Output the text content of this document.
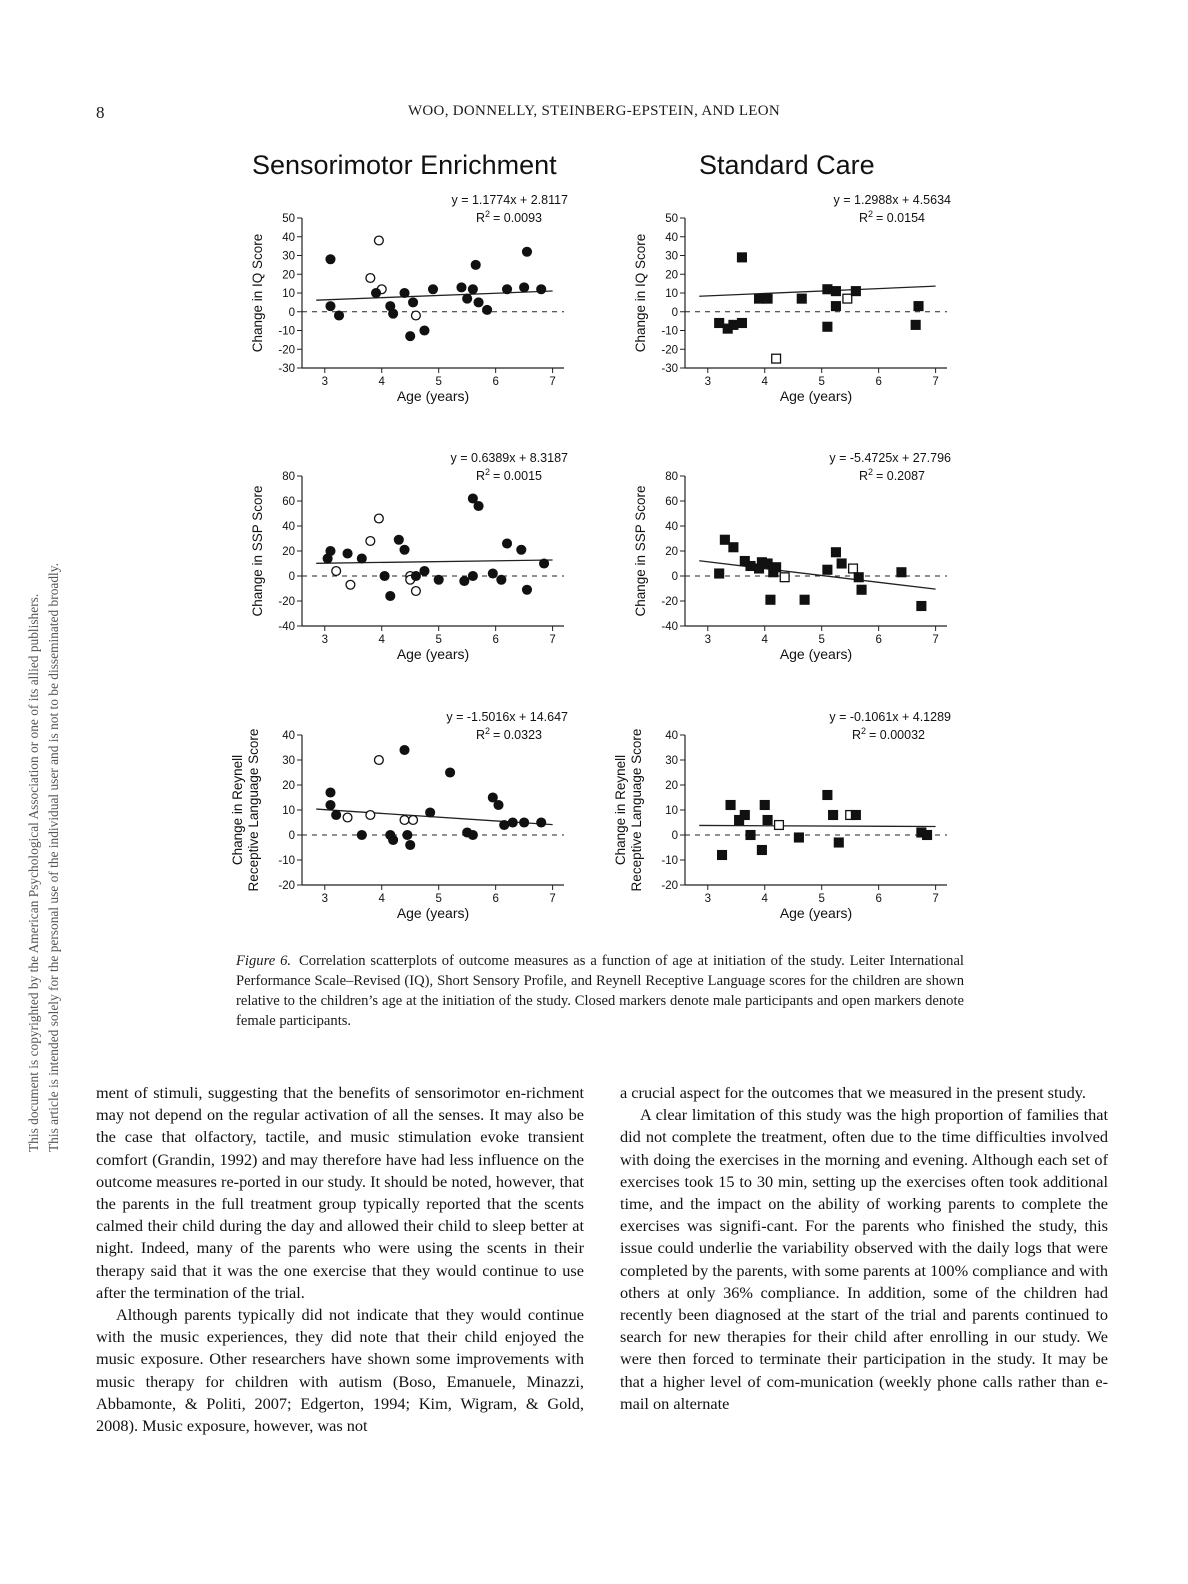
8	WOO, DONNELLY, STEINBERG-EPSTEIN, AND LEON
This document is copyrighted by the American Psychological Association or one of its allied publishers. This article is intended solely for the personal use of the individual user and is not to be disseminated broadly.
Sensorimotor Enrichment	Standard Care
50
40
30
20
10
0
-10
-20
-30
3	4	5	6	7
y = 1.1774x + 2.8117
$R^2 = 0.0093$
Age (years)
Change in IQ Score
50
40
30
20
10
0
-10
-20
-30
3	4	5	6	7
y = 1.2988x + 4.5634
$R^2 = 0.0154$
Age (years)
Change in IQ Score
80
60
40
20
0
-20
-40
3	4	5	6	7
y = 0.6389x + 8.3187
$R^2 = 0.0015$
Age (years)
Change in SSP Score
80
60
40
20
0
-20
-40
3	4	5	6	7
y = -5.4725x + 27.796
$R^2 = 0.2087$
Age (years)
Change in SSP Score
40
30
20
10
0
-10
-20
3	4	5	6	7
y = -1.5016x + 14.647
$R^2 = 0.0323$
Age (years)
Change in Reynell Receptive Language Score	40
30
20
10
0
-10
-20
3	4	5	6	7
y = -0.1061x + 4.1289
$R^2 = 0.00032$
Age (years)
Change in Reynell Receptive Language Score

Figure 6. Correlation scatterplots of outcome measures as a function of age at initiation of the study. Leiter International Performance Scale–Revised (IQ), Short Sensory Profile, and Reynell Receptive Language scores for the children are shown relative to the children’s age at the initiation of the study. Closed markers denote male participants and open markers denote female participants.

ment of stimuli, suggesting that the benefits of sensorimotor en-richment may not depend on the regular activation of all the senses. It may also be the case that olfactory, tactile, and music stimulation evoke transient comfort (Grandin, 1992) and may therefore have had less influence on the outcome measures re-ported in our study. It should be noted, however, that the parents in the full treatment group typically reported that the scents calmed their child during the day and allowed their child to sleep better at night. Indeed, many of the parents who were using the scents in their therapy said that it was the one exercise that they would continue to use after the termination of the trial.

Although parents typically did not indicate that they would continue with the music experiences, they did note that their child enjoyed the music exposure. Other researchers have shown some improvements with music therapy for children with autism (Boso, Emanuele, Minazzi, Abbamonte, & Politi, 2007; Edgerton, 1994; Kim, Wigram, & Gold, 2008). Music exposure, however, was not

a crucial aspect for the outcomes that we measured in the present study.

A clear limitation of this study was the high proportion of families that did not complete the treatment, often due to the time difficulties involved with doing the exercises in the morning and evening. Although each set of exercises took 15 to 30 min, setting up the exercises often took additional time, and the impact on the ability of working parents to complete the exercises was signifi-cant. For the parents who finished the study, this issue could underlie the variability observed with the daily logs that were completed by the parents, with some parents at 100% compliance and with others at only 36% compliance. In addition, some of the children had recently been diagnosed at the start of the trial and parents continued to search for new therapies for their child after enrolling in our study. We were then forced to terminate their participation in the study. It may be that a higher level of com-munication (weekly phone calls rather than e-mail on alternate
